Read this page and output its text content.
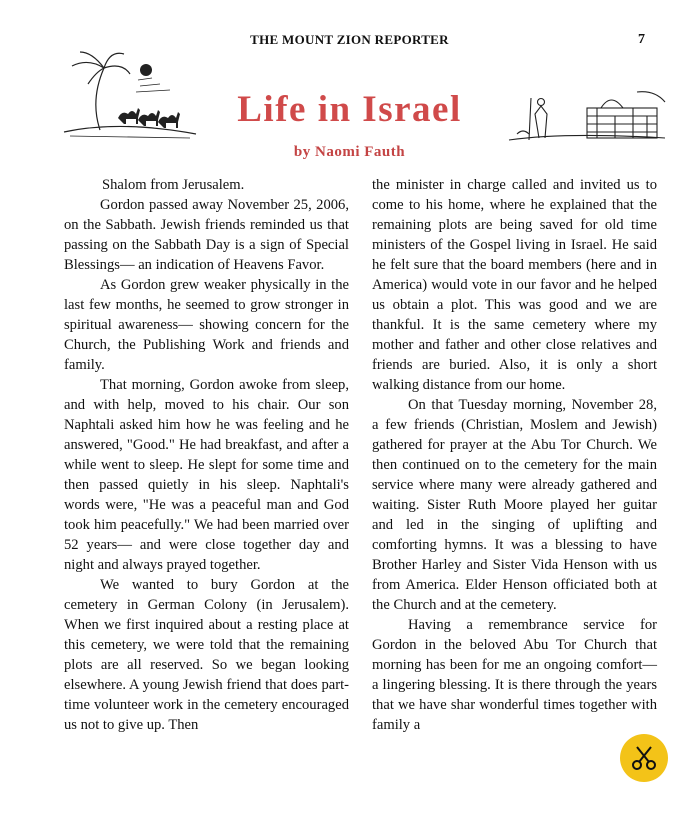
THE MOUNT ZION REPORTER	7
Life in Israel
by Naomi Fauth

Shalom from Jerusalem.

Gordon passed away November 25, 2006, on the Sabbath. Jewish friends reminded us that passing on the Sabbath Day is a sign of Special Blessings— an indication of Heavens Favor.

As Gordon grew weaker physically in the last few months, he seemed to grow stronger in spiritual awareness— showing concern for the Church, the Publishing Work and friends and family.

That morning, Gordon awoke from sleep, and with help, moved to his chair. Our son Naphtali asked him how he was feeling and he answered, "Good." He had breakfast, and after a while went to sleep. He slept for some time and then passed quietly in his sleep. Naphtali's words were, "He was a peaceful man and God took him peacefully." We had been married over 52 years— and were close together day and night and always prayed together.

We wanted to bury Gordon at the cemetery in German Colony (in Jerusalem). When we first inquired about a resting place at this cemetery, we were told that the remaining plots are all reserved. So we began looking elsewhere. A young Jewish friend that does part-time volunteer work in the cemetery encouraged us not to give up. Then

the minister in charge called and invited us to come to his home, where he explained that the remaining plots are being saved for old time ministers of the Gospel living in Israel. He said he felt sure that the board members (here and in America) would vote in our favor and he helped us obtain a plot. This was good and we are thankful. It is the same cemetery where my mother and father and other close relatives and friends are buried. Also, it is only a short walking distance from our home.

On that Tuesday morning, November 28, a few friends (Christian, Moslem and Jewish) gathered for prayer at the Abu Tor Church. We then continued on to the cemetery for the main service where many were already gathered and waiting. Sister Ruth Moore played her guitar and led in the singing of uplifting and comforting hymns. It was a blessing to have Brother Harley and Sister Vida Henson with us from America. Elder Henson officiated both at the Church and at the cemetery.

Having a remembrance service for Gordon in the beloved Abu Tor Church that morning has been for me an ongoing comfort— a lingering blessing. It is there through the years that we have shar wonderful times together with family a
